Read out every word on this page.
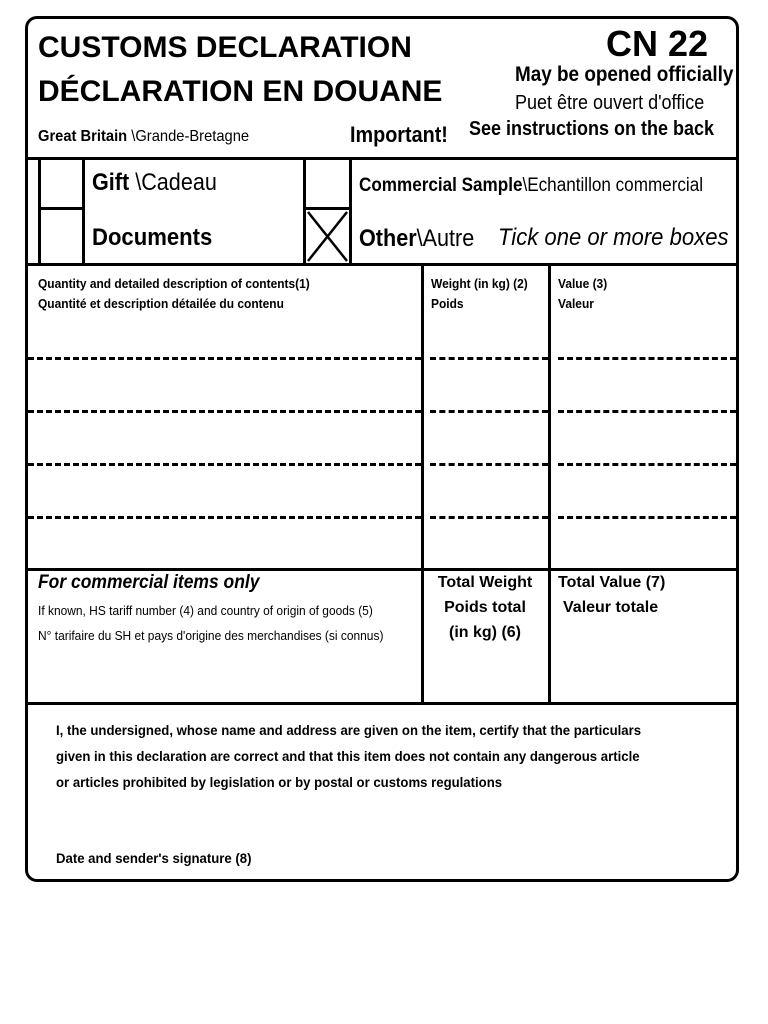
CUSTOMS DECLARATION
DÉCLARATION EN DOUANE
CN 22
May be opened officially
Puet être ouvert d'office
Great Britain \Grande-Bretagne	Important!	See instructions on the back
Gift \Cadeau
Documents
Commercial Sample\Echantillon commercial
Other\Autre Tick one or more boxes
Quantity and detailed description of contents(1)
Quantité et description détailée du contenu
Weight (in kg) (2)
Poids
Value (3)
Valeur
For commercial items only
If known, HS tariff number (4) and country of origin of goods (5)
N° tarifaire du SH et pays d'origine des merchandises (si connus)
Total Weight
Poids total
(in kg) (6)
Total Value (7)
Valeur totale
I, the undersigned, whose name and address are given on the item, certify that the particulars
given in this declaration are correct and that this item does not contain any dangerous article
or articles prohibited by legislation or by postal or customs regulations
Date and sender's signature (8)
